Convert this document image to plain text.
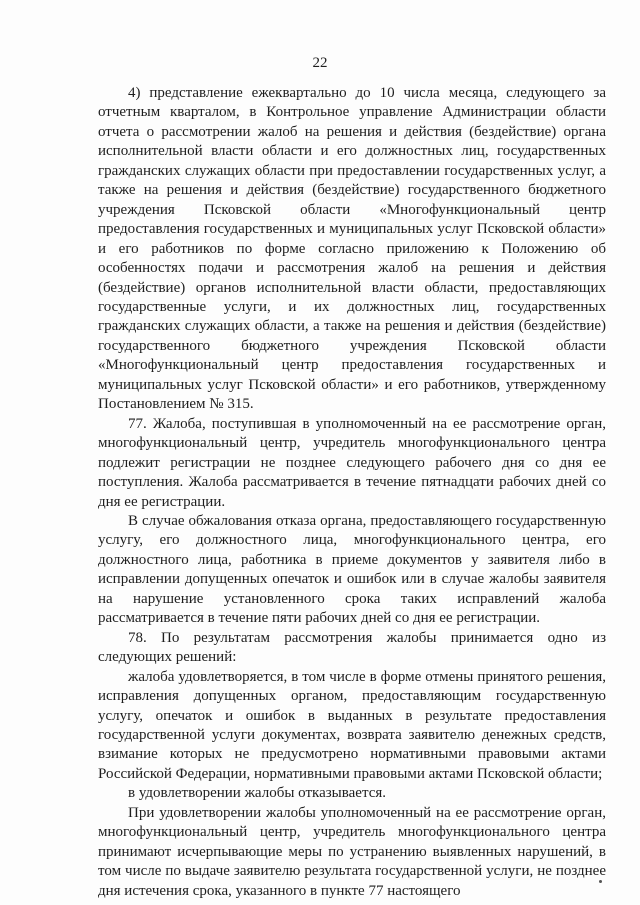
22

4) представление ежеквартально до 10 числа месяца, следующего за отчетным кварталом, в Контрольное управление Администрации области отчета о рассмотрении жалоб на решения и действия (бездействие) органа исполнительной власти области и его должностных лиц, государственных гражданских служащих области при предоставлении государственных услуг, а также на решения и действия (бездействие) государственного бюджетного учреждения Псковской области «Многофункциональный центр предоставления государственных и муниципальных услуг Псковской области» и его работников по форме согласно приложению к Положению об особенностях подачи и рассмотрения жалоб на решения и действия (бездействие) органов исполнительной власти области, предоставляющих государственные услуги, и их должностных лиц, государственных гражданских служащих области, а также на решения и действия (бездействие) государственного бюджетного учреждения Псковской области «Многофункциональный центр предоставления государственных и муниципальных услуг Псковской области» и его работников, утвержденному Постановлением № 315.

77. Жалоба, поступившая в уполномоченный на ее рассмотрение орган, многофункциональный центр, учредитель многофункционального центра подлежит регистрации не позднее следующего рабочего дня со дня ее поступления. Жалоба рассматривается в течение пятнадцати рабочих дней со дня ее регистрации.

В случае обжалования отказа органа, предоставляющего государственную услугу, его должностного лица, многофункционального центра, его должностного лица, работника в приеме документов у заявителя либо в исправлении допущенных опечаток и ошибок или в случае жалобы заявителя на нарушение установленного срока таких исправлений жалоба рассматривается в течение пяти рабочих дней со дня ее регистрации.

78. По результатам рассмотрения жалобы принимается одно из следующих решений:

жалоба удовлетворяется, в том числе в форме отмены принятого решения, исправления допущенных органом, предоставляющим государственную услугу, опечаток и ошибок в выданных в результате предоставления государственной услуги документах, возврата заявителю денежных средств, взимание которых не предусмотрено нормативными правовыми актами Российской Федерации, нормативными правовыми актами Псковской области;

в удовлетворении жалобы отказывается.

При удовлетворении жалобы уполномоченный на ее рассмотрение орган, многофункциональный центр, учредитель многофункционального центра принимают исчерпывающие меры по устранению выявленных нарушений, в том числе по выдаче заявителю результата государственной услуги, не позднее дня истечения срока, указанного в пункте 77 настоящего
